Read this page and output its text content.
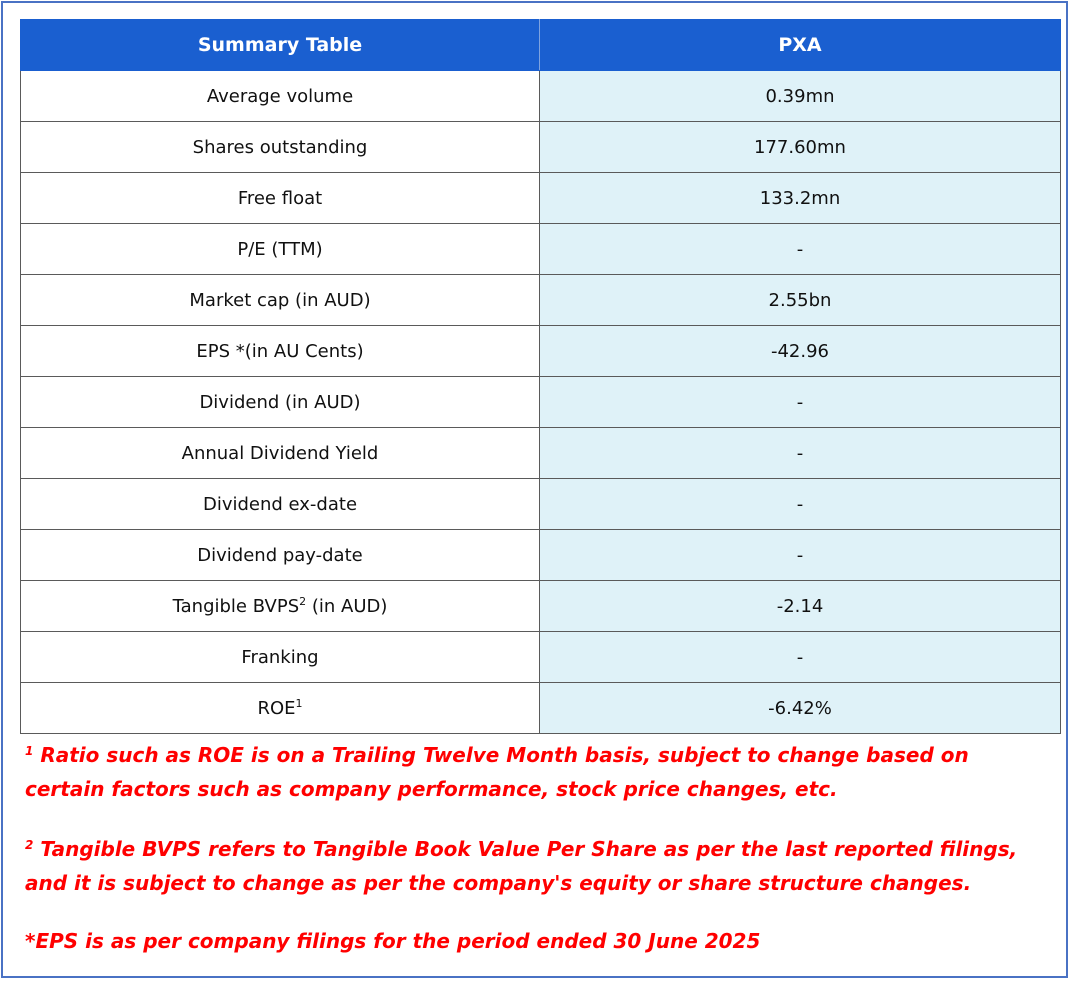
Summary Table	PXA
Average volume	0.39mn
Shares outstanding	177.60mn
Free float	133.2mn
P/E (TTM)	-
Market cap (in AUD)	2.55bn
EPS *(in AU Cents)	-42.96
Dividend (in AUD)	-
Annual Dividend Yield	-
Dividend ex-date	-
Dividend pay-date	-
Tangible BVPS$^2$ (in AUD)	-2.14
Franking	-
ROE$^1$	-6.42%

$^1$ Ratio such as ROE is on a Trailing Twelve Month basis, subject to change based on certain factors such as company performance, stock price changes, etc.

$^2$ Tangible BVPS refers to Tangible Book Value Per Share as per the last reported filings, and it is subject to change as per the company's equity or share structure changes.

*EPS is as per company filings for the period ended 30 June 2025
